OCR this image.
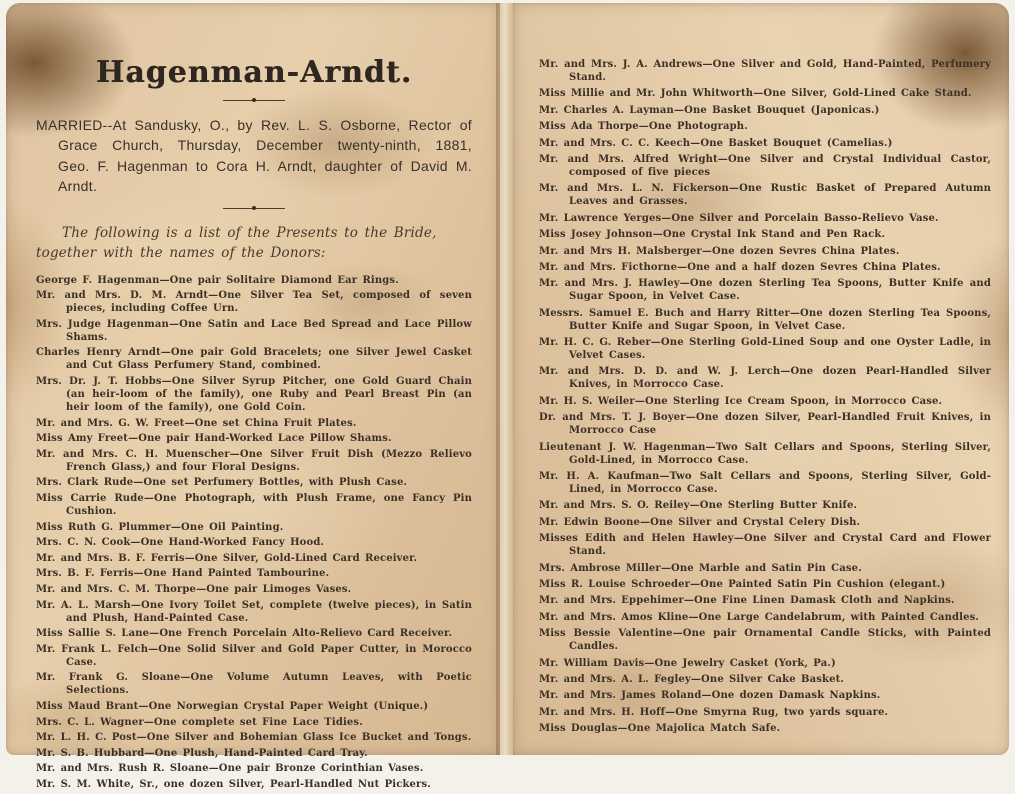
Hagenman-Arndt.

MARRIED--At Sandusky, O., by Rev. L. S. Osborne, Rector of Grace Church, Thursday, December twenty-ninth, 1881, Geo. F. Hagenman to Cora H. Arndt, daughter of David M. Arndt.

The following is a list of the Presents to the Bride, together with the names of the Donors:

George F. Hagenman—One pair Solitaire Diamond Ear Rings.

Mr. and Mrs. D. M. Arndt—One Silver Tea Set, composed of seven pieces, including Coffee Urn.

Mrs. Judge Hagenman—One Satin and Lace Bed Spread and Lace Pillow Shams.

Charles Henry Arndt—One pair Gold Bracelets; one Silver Jewel Casket and Cut Glass Perfumery Stand, combined.

Mrs. Dr. J. T. Hobbs—One Silver Syrup Pitcher, one Gold Guard Chain (an heir-loom of the family), one Ruby and Pearl Breast Pin (an heir loom of the family), one Gold Coin.

Mr. and Mrs. G. W. Freet—One set China Fruit Plates.

Miss Amy Freet—One pair Hand-Worked Lace Pillow Shams.

Mr. and Mrs. C. H. Muenscher—One Silver Fruit Dish (Mezzo Relievo French Glass,) and four Floral Designs.

Mrs. Clark Rude—One set Perfumery Bottles, with Plush Case.

Miss Carrie Rude—One Photograph, with Plush Frame, one Fancy Pin Cushion.

Miss Ruth G. Plummer—One Oil Painting.

Mrs. C. N. Cook—One Hand-Worked Fancy Hood.

Mr. and Mrs. B. F. Ferris—One Silver, Gold-Lined Card Receiver.

Mrs. B. F. Ferris—One Hand Painted Tambourine.

Mr. and Mrs. C. M. Thorpe—One pair Limoges Vases.

Mr. A. L. Marsh—One Ivory Toilet Set, complete (twelve pieces), in Satin and Plush, Hand-Painted Case.

Miss Sallie S. Lane—One French Porcelain Alto-Relievo Card Receiver.

Mr. Frank L. Felch—One Solid Silver and Gold Paper Cutter, in Morocco Case.

Mr. Frank G. Sloane—One Volume Autumn Leaves, with Poetic Selections.

Miss Maud Brant—One Norwegian Crystal Paper Weight (Unique.)

Mrs. C. L. Wagner—One complete set Fine Lace Tidies.

Mr. L. H. C. Post—One Silver and Bohemian Glass Ice Bucket and Tongs.

Mr. S. B. Hubbard—One Plush, Hand-Painted Card Tray.

Mr. and Mrs. Rush R. Sloane—One pair Bronze Corinthian Vases.

Mr. S. M. White, Sr., one dozen Silver, Pearl-Handled Nut Pickers.

Mr. and Mrs. J. A. Andrews—One Silver and Gold, Hand-Painted, Perfumery Stand.

Miss Millie and Mr. John Whitworth—One Silver, Gold-Lined Cake Stand.

Mr. Charles A. Layman—One Basket Bouquet (Japonicas.)

Miss Ada Thorpe—One Photograph.

Mr. and Mrs. C. C. Keech—One Basket Bouquet (Camelias.)

Mr. and Mrs. Alfred Wright—One Silver and Crystal Individual Castor, composed of five pieces

Mr. and Mrs. L. N. Fickerson—One Rustic Basket of Prepared Autumn Leaves and Grasses.

Mr. Lawrence Yerges—One Silver and Porcelain Basso-Relievo Vase.

Miss Josey Johnson—One Crystal Ink Stand and Pen Rack.

Mr. and Mrs H. Malsberger—One dozen Sevres China Plates.

Mr. and Mrs. Ficthorne—One and a half dozen Sevres China Plates.

Mr. and Mrs. J. Hawley—One dozen Sterling Tea Spoons, Butter Knife and Sugar Spoon, in Velvet Case.

Messrs. Samuel E. Buch and Harry Ritter—One dozen Sterling Tea Spoons, Butter Knife and Sugar Spoon, in Velvet Case.

Mr. H. C. G. Reber—One Sterling Gold-Lined Soup and one Oyster Ladle, in Velvet Cases.

Mr. and Mrs. D. D. and W. J. Lerch—One dozen Pearl-Handled Silver Knives, in Morrocco Case.

Mr. H. S. Weiler—One Sterling Ice Cream Spoon, in Morrocco Case.

Dr. and Mrs. T. J. Boyer—One dozen Silver, Pearl-Handled Fruit Knives, in Morrocco Case

Lieutenant J. W. Hagenman—Two Salt Cellars and Spoons, Sterling Silver, Gold-Lined, in Morrocco Case.

Mr. H. A. Kaufman—Two Salt Cellars and Spoons, Sterling Silver, Gold-Lined, in Morrocco Case.

Mr. and Mrs. S. O. Reiley—One Sterling Butter Knife.

Mr. Edwin Boone—One Silver and Crystal Celery Dish.

Misses Edith and Helen Hawley—One Silver and Crystal Card and Flower Stand.

Mrs. Ambrose Miller—One Marble and Satin Pin Case.

Miss R. Louise Schroeder—One Painted Satin Pin Cushion (elegant.)

Mr. and Mrs. Eppehimer—One Fine Linen Damask Cloth and Napkins.

Mr. and Mrs. Amos Kline—One Large Candelabrum, with Painted Candles.

Miss Bessie Valentine—One pair Ornamental Candle Sticks, with Painted Candles.

Mr. William Davis—One Jewelry Casket (York, Pa.)

Mr. and Mrs. A. L. Fegley—One Silver Cake Basket.

Mr. and Mrs. James Roland—One dozen Damask Napkins.

Mr. and Mrs. H. Hoff—One Smyrna Rug, two yards square.

Miss Douglas—One Majolica Match Safe.
